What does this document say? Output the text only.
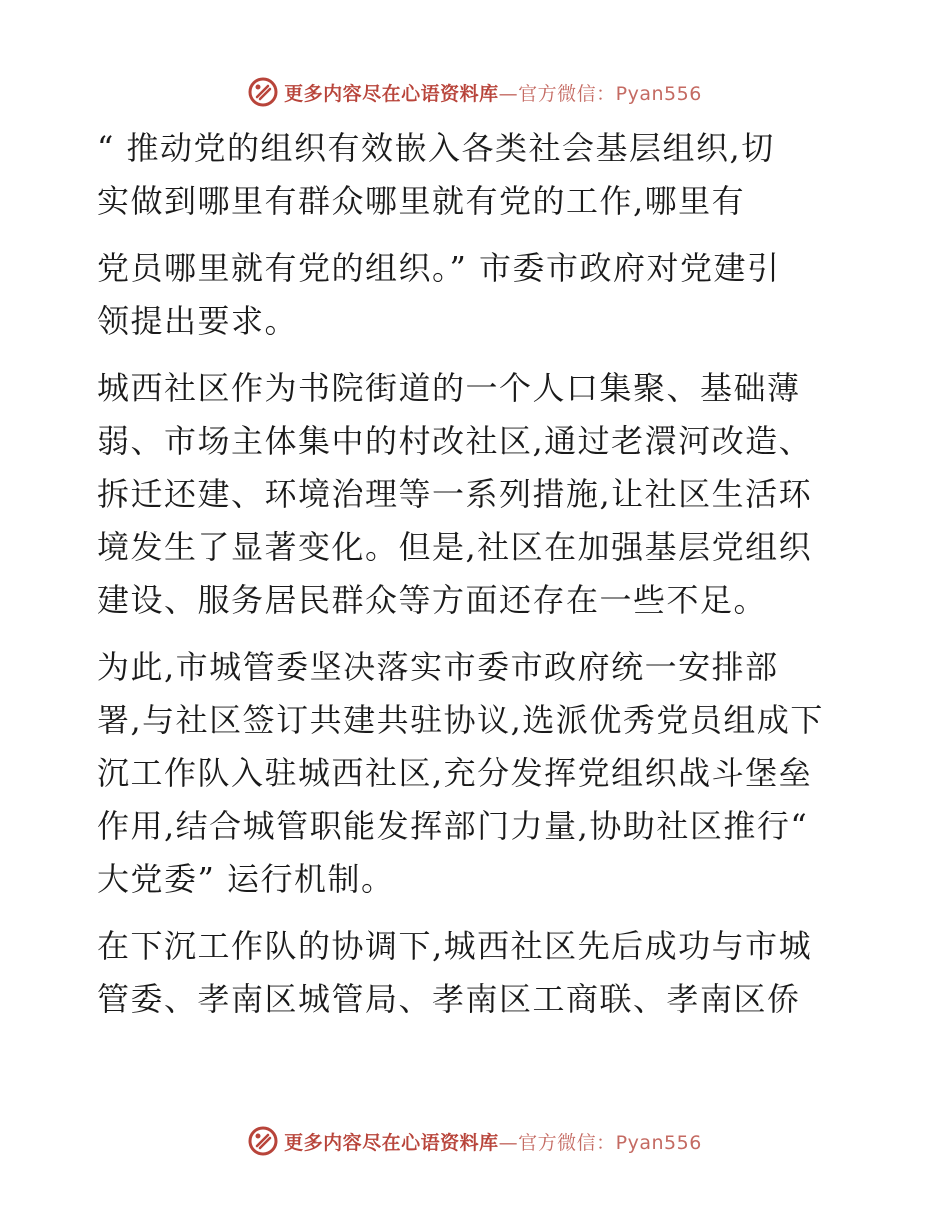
更多内容尽在心语资料库 —官方微信：Pyan556
“ 推动党的组织有效嵌入各类社会基层组织,切
实做到哪里有群众哪里就有党的工作,哪里有
党员哪里就有党的组织。” 市委市政府对党建引
领提出要求。
城西社区作为书院街道的一个人口集聚、基础薄
弱、市场主体集中的村改社区,通过老澴河改造、
拆迁还建、环境治理等一系列措施,让社区生活环
境发生了显著变化。但是,社区在加强基层党组织
建设、服务居民群众等方面还存在一些不足。
为此,市城管委坚决落实市委市政府统一安排部
署,与社区签订共建共驻协议,选派优秀党员组成下
沉工作队入驻城西社区,充分发挥党组织战斗堡垒
作用,结合城管职能发挥部门力量,协助社区推行“
大党委” 运行机制。
在下沉工作队的协调下,城西社区先后成功与市城
管委、孝南区城管局、孝南区工商联、孝南区侨
更多内容尽在心语资料库 —官方微信：Pyan556
